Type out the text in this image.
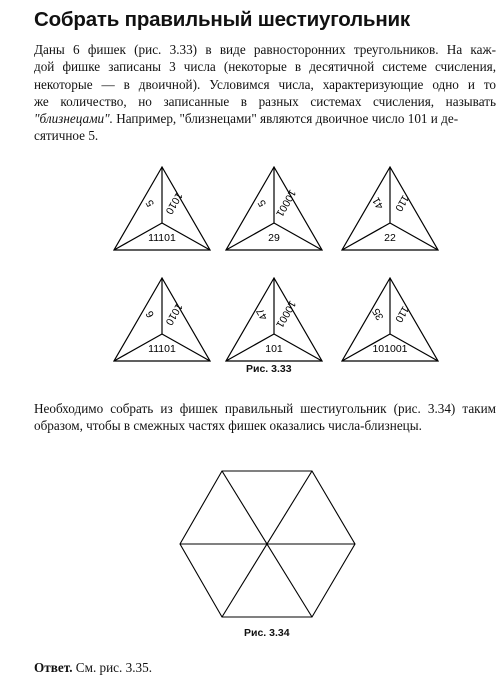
Собрать правильный шестиугольник

Даны 6 фишек (рис. 3.33) в виде равносторонних треугольников. На каж-
дой фишке записаны 3 числа (некоторые в десятичной системе счисления,
некоторые — в двоичной). Условимся числа, характеризующие одно и то
же количество, но записанные в разных системах счисления, называть
"близнецами". Например, "близнецами" являются двоичное число 101 и де-
сятичное 5.

5 1010
11101
5 10001
29
41 110
22
6 1010
11101
47 10001
101
35 110
101001

Рис. 3.33

Необходимо собрать из фишек правильный шестиугольник (рис. 3.34) таким
образом, чтобы в смежных частях фишек оказались числа-близнецы.

Рис. 3.34

Ответ. См. рис. 3.35.
